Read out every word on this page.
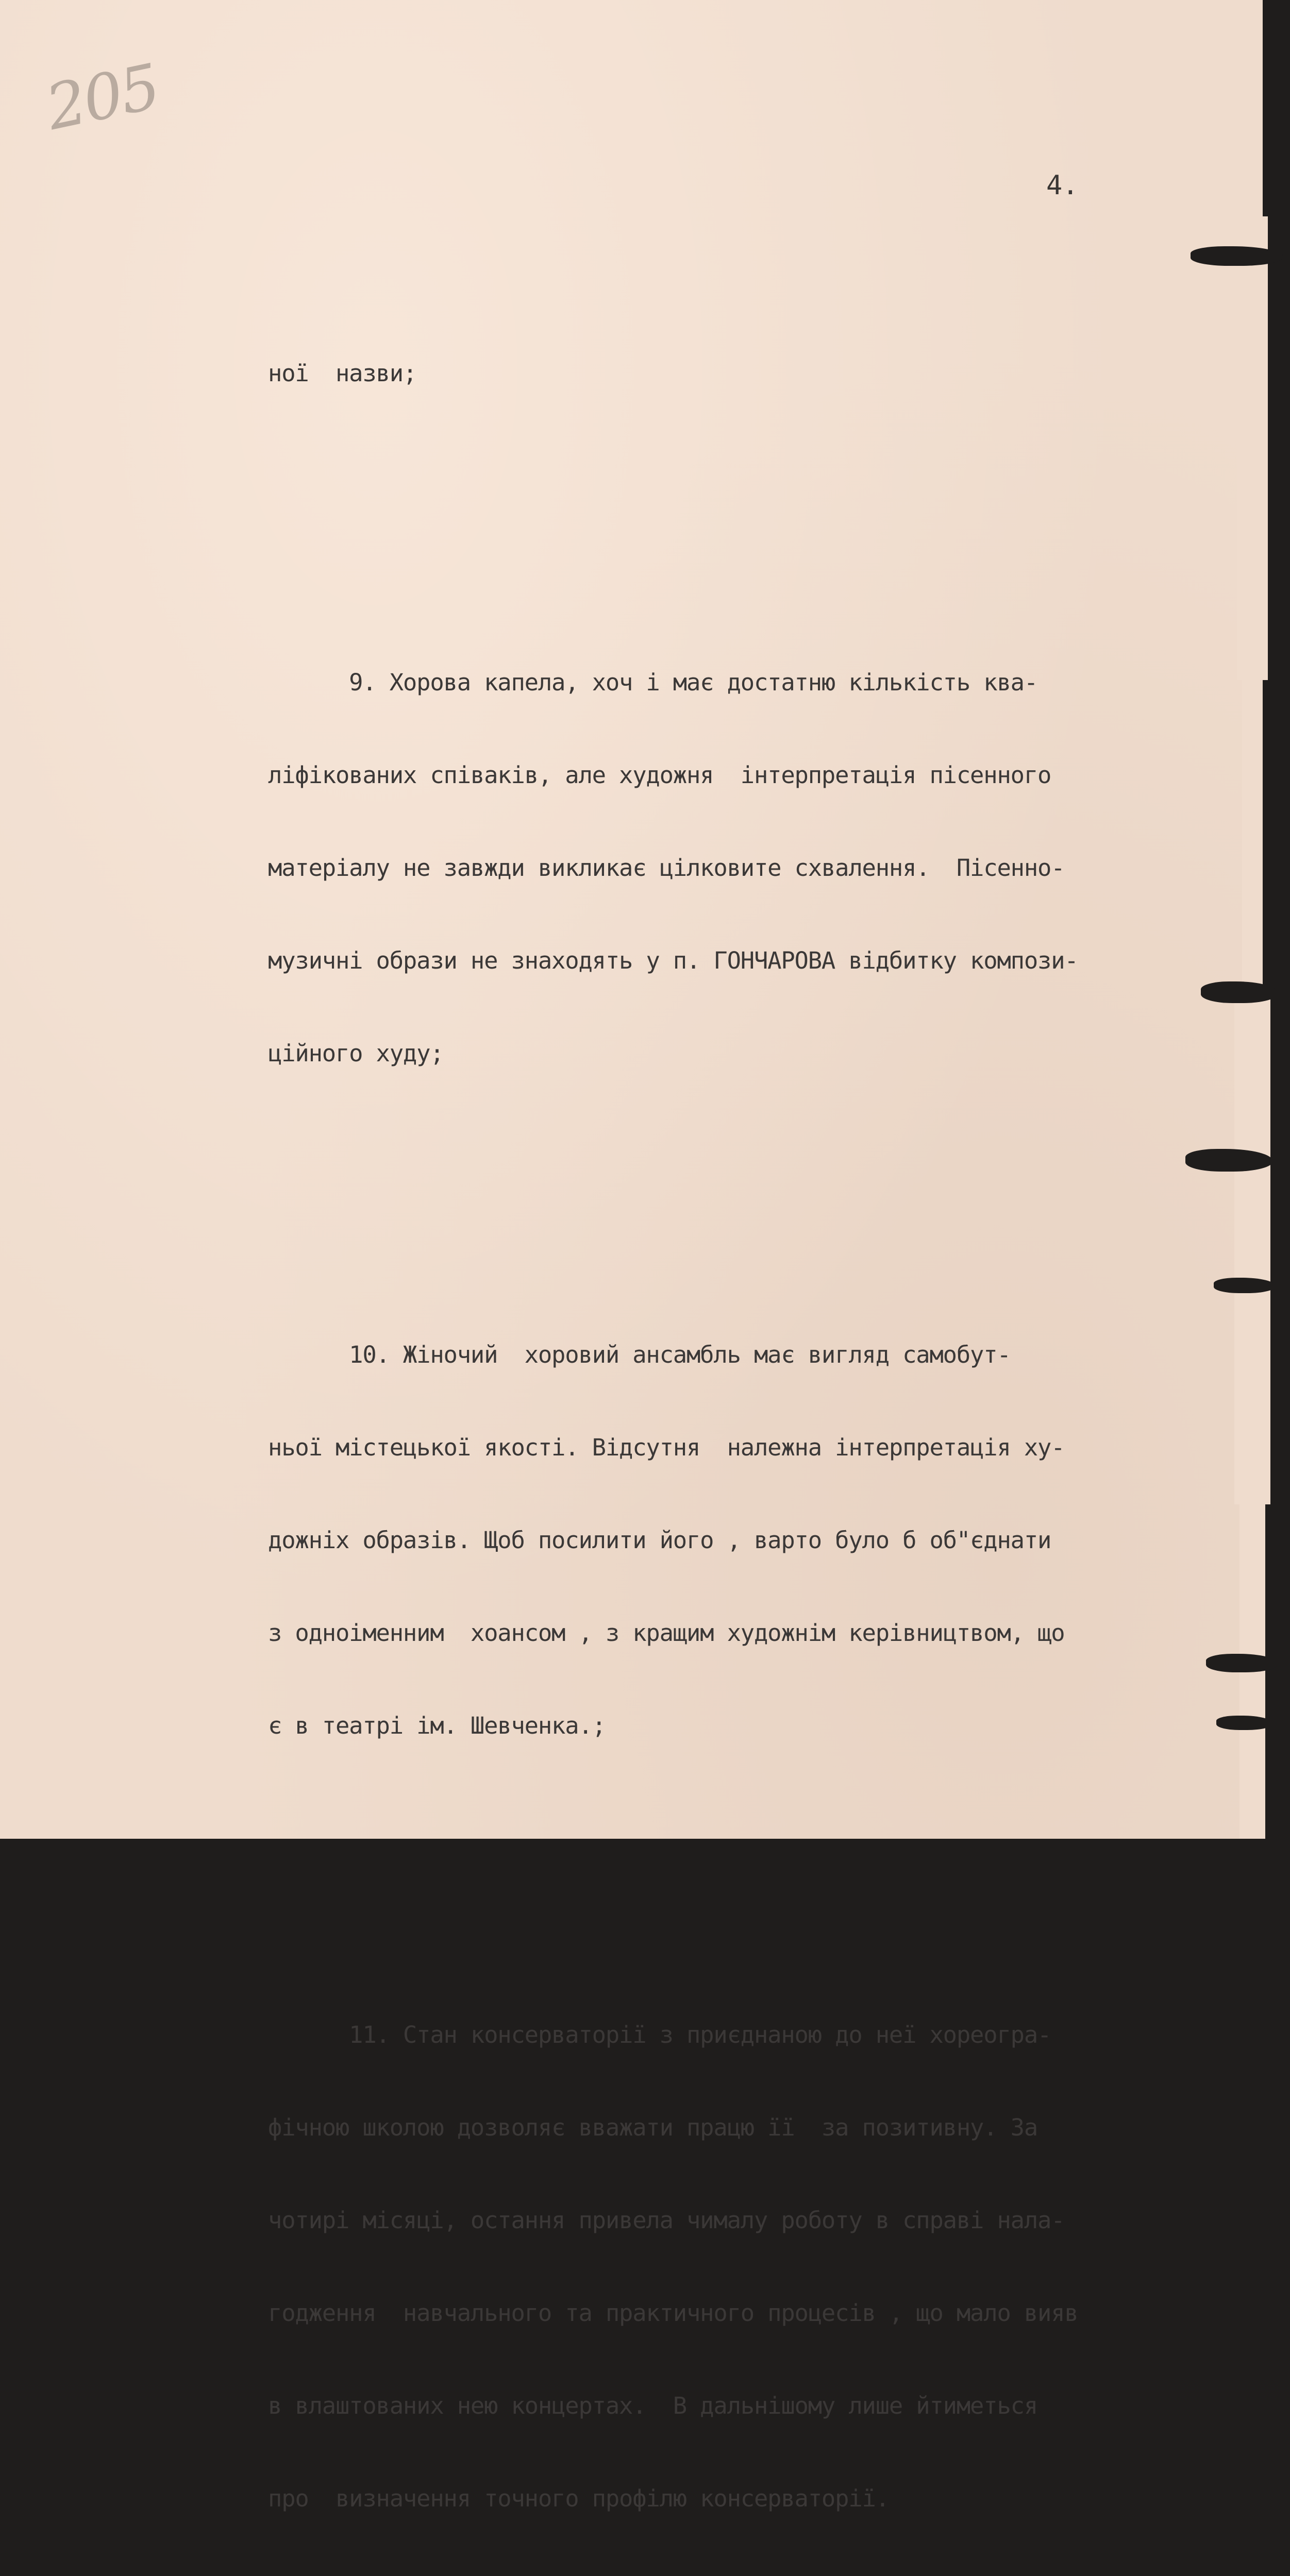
205
4.

ної  назви;

9. Хорова капела, хоч і має достатню кількість ква-

ліфікованих співаків, але художня  інтерпретація пісенного

матеріалу не завжди викликає цілковите схвалення.  Пісенно-

музичні образи не знаходять у п. ГОНЧАРОВА відбитку компози-

ційного худу;

10. Жіночий  хоровий ансамбль має вигляд самобут-

ньої містецької якості. Відсутня  належна інтерпретація ху-

дожніх образів. Щоб посилити його , варто було б об"єднати

з одноіменним  хоансом , з кращим художнім керівництвом, що

є в театрі ім. Шевченка.;

11. Стан консерваторії з приєднаною до неї хореогра-

фічною школою дозволяє вважати працю її  за позитивну. За

чотирі місяці, остання привела чималу роботу в справі нала-

годження  навчального та практичного процесів , що мало вияв

в влаштованих нею концертах.  В дальнішому лише йтиметься

про  визначення точного профілю консерваторії.
